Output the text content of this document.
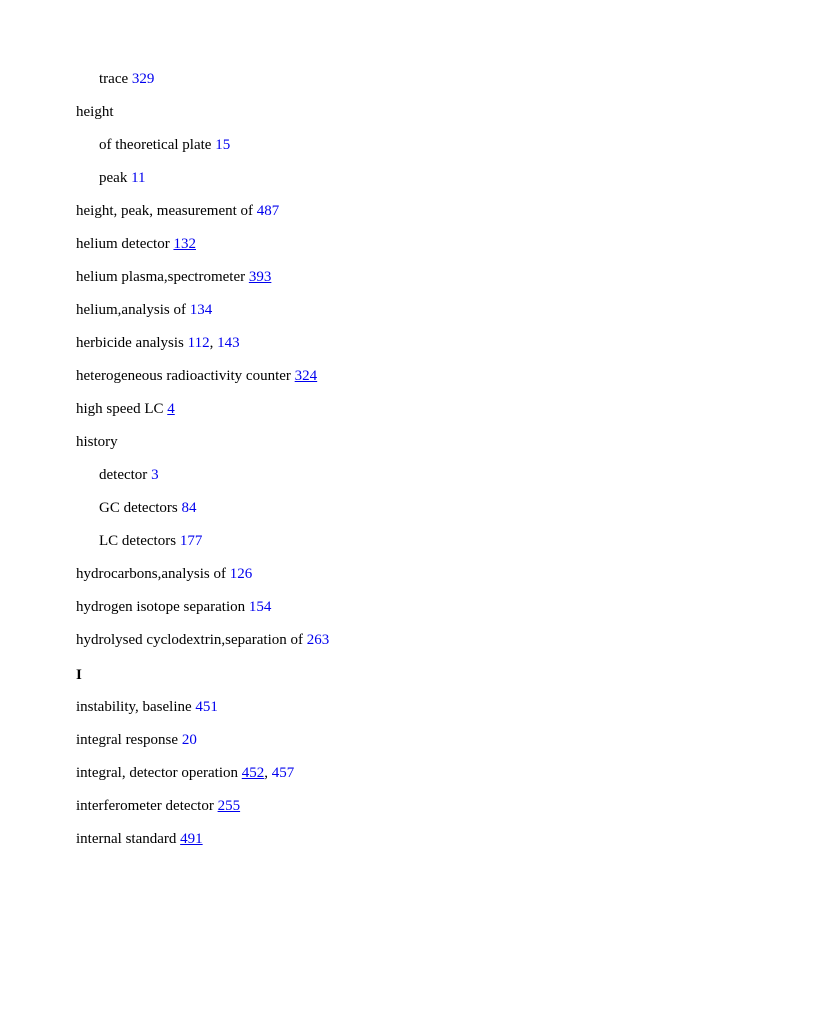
trace 329
height
of theoretical plate 15
peak 11
height, peak, measurement of 487
helium detector 132
helium plasma,spectrometer 393
helium,analysis of 134
herbicide analysis 112, 143
heterogeneous radioactivity counter 324
high speed LC 4
history
detector 3
GC detectors 84
LC detectors 177
hydrocarbons,analysis of 126
hydrogen isotope separation 154
hydrolysed cyclodextrin,separation of 263
I
instability, baseline 451
integral response 20
integral, detector operation 452, 457
interferometer detector 255
internal standard 491
